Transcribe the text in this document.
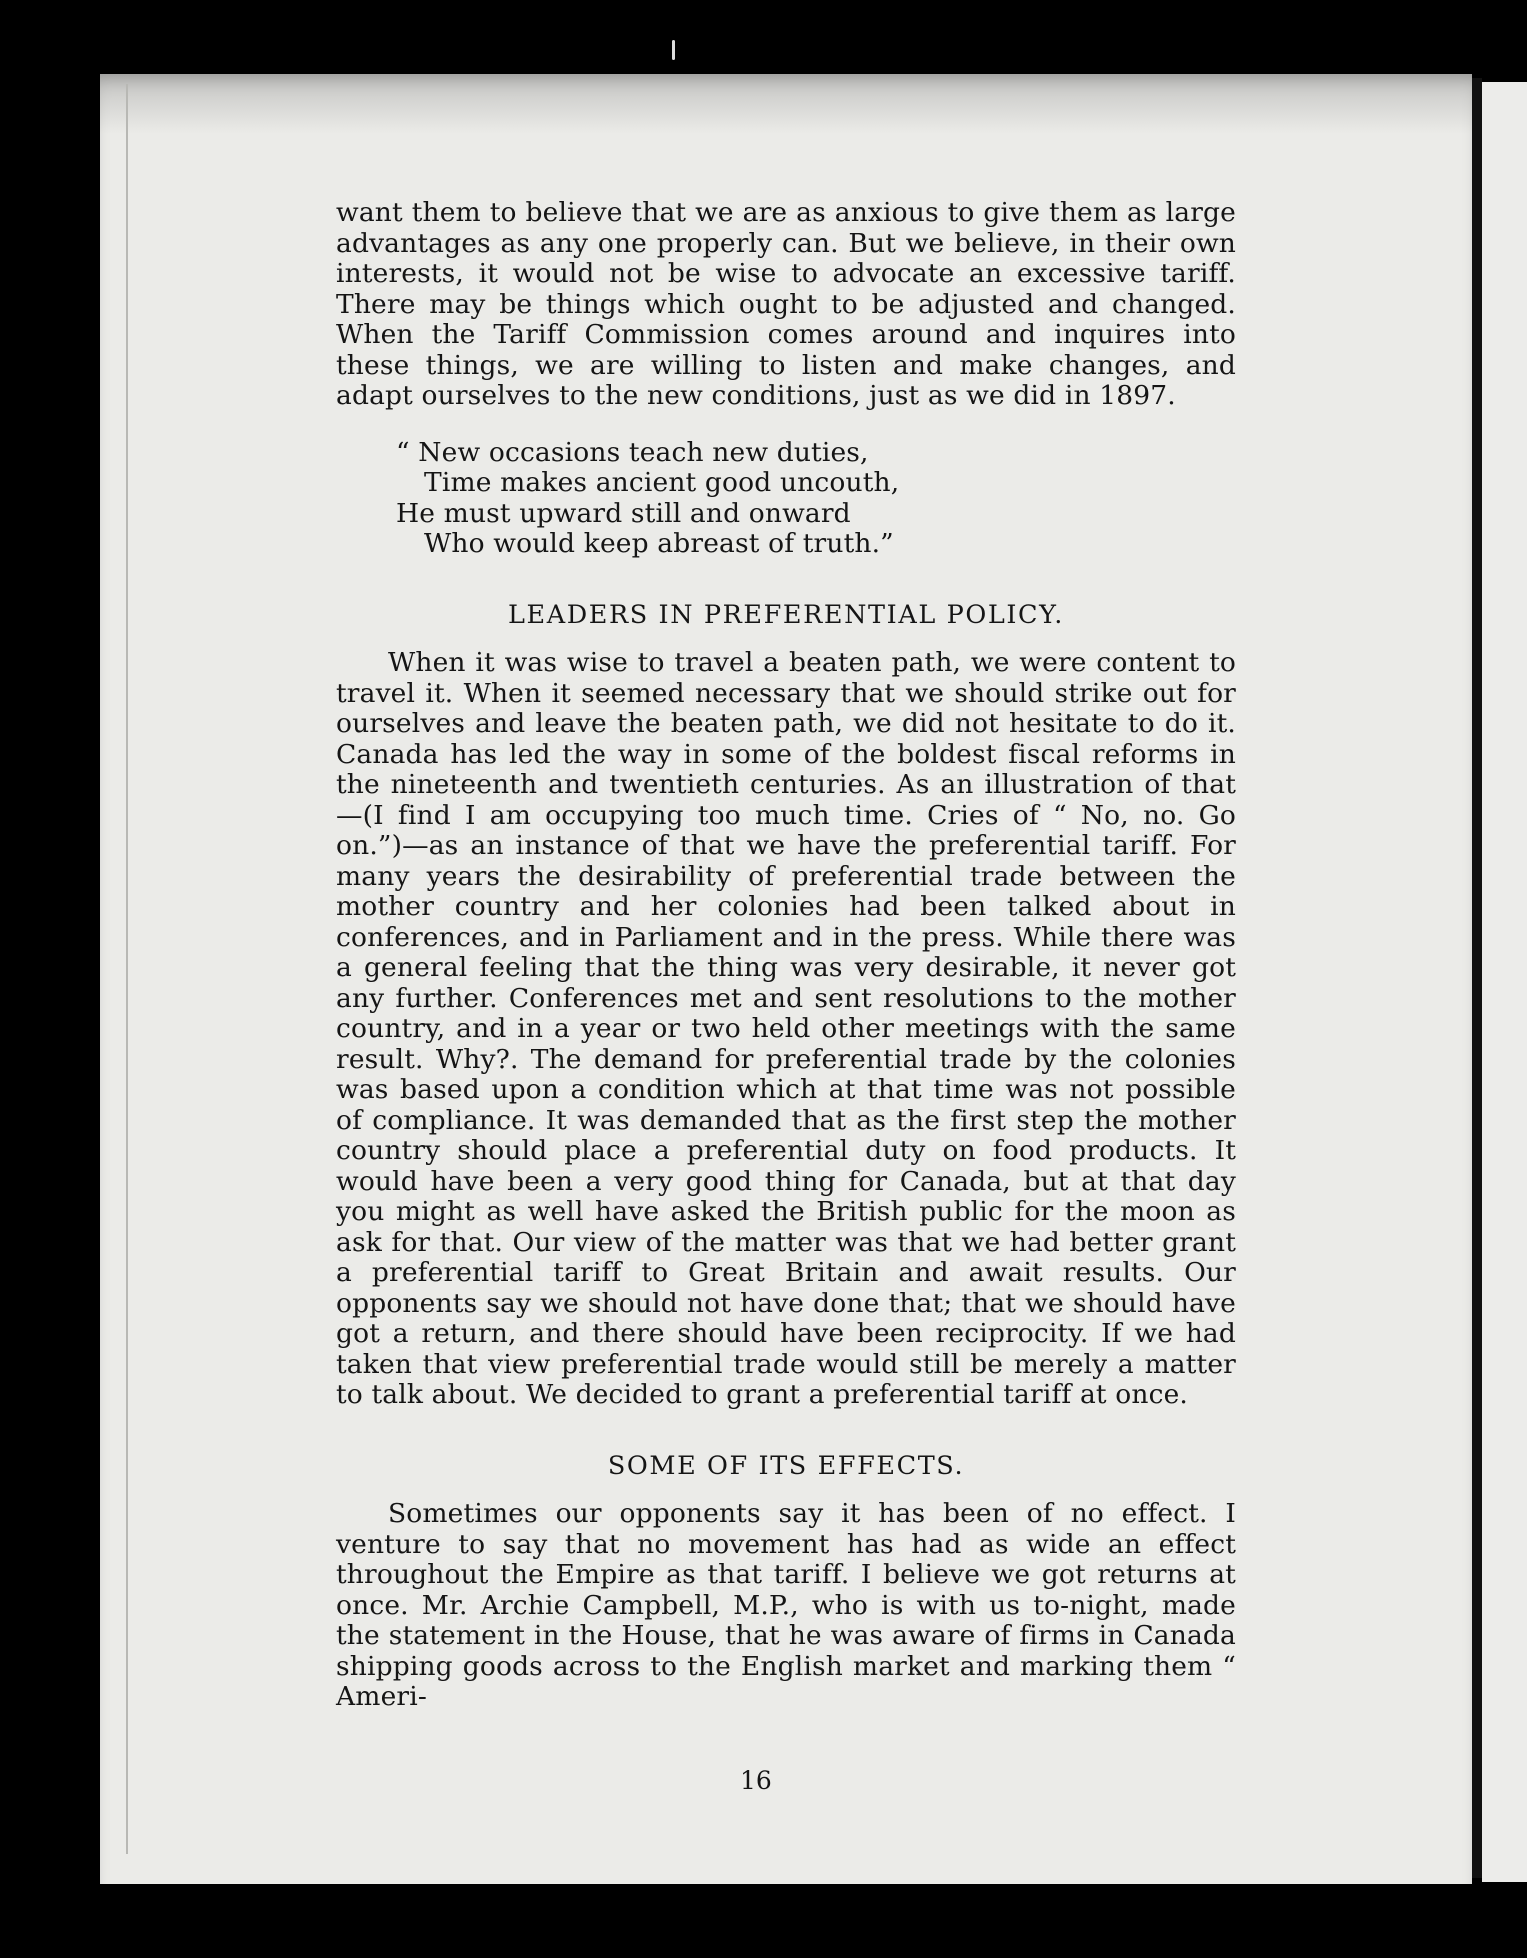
want them to believe that we are as anxious to give them as large advantages as any one properly can. But we believe, in their own interests, it would not be wise to advocate an excessive tariff. There may be things which ought to be adjusted and changed. When the Tariff Commission comes around and inquires into these things, we are willing to listen and make changes, and adapt ourselves to the new conditions, just as we did in 1897.

“ New occasions teach new duties,
Time makes ancient good uncouth,
He must upward still and onward
Who would keep abreast of truth.”
LEADERS IN PREFERENTIAL POLICY.

When it was wise to travel a beaten path, we were content to travel it. When it seemed necessary that we should strike out for ourselves and leave the beaten path, we did not hesitate to do it. Canada has led the way in some of the boldest fiscal reforms in the nineteenth and twentieth centuries. As an illustration of that—(I find I am occupying too much time. Cries of “ No, no. Go on.”)—as an instance of that we have the preferential tariff. For many years the desirability of preferential trade between the mother country and her colonies had been talked about in conferences, and in Parliament and in the press. While there was a general feeling that the thing was very desirable, it never got any further. Conferences met and sent resolutions to the mother country, and in a year or two held other meetings with the same result. Why?. The demand for preferential trade by the colonies was based upon a condition which at that time was not possible of compliance. It was demanded that as the first step the mother country should place a preferential duty on food products. It would have been a very good thing for Canada, but at that day you might as well have asked the British public for the moon as ask for that. Our view of the matter was that we had better grant a preferential tariff to Great Britain and await results. Our opponents say we should not have done that; that we should have got a return, and there should have been reciprocity. If we had taken that view preferential trade would still be merely a matter to talk about. We decided to grant a preferential tariff at once.

SOME OF ITS EFFECTS.

Sometimes our opponents say it has been of no effect. I venture to say that no movement has had as wide an effect throughout the Empire as that tariff. I believe we got returns at once. Mr. Archie Campbell, M.P., who is with us to-night, made the statement in the House, that he was aware of firms in Canada shipping goods across to the English market and marking them “ Ameri-

16
